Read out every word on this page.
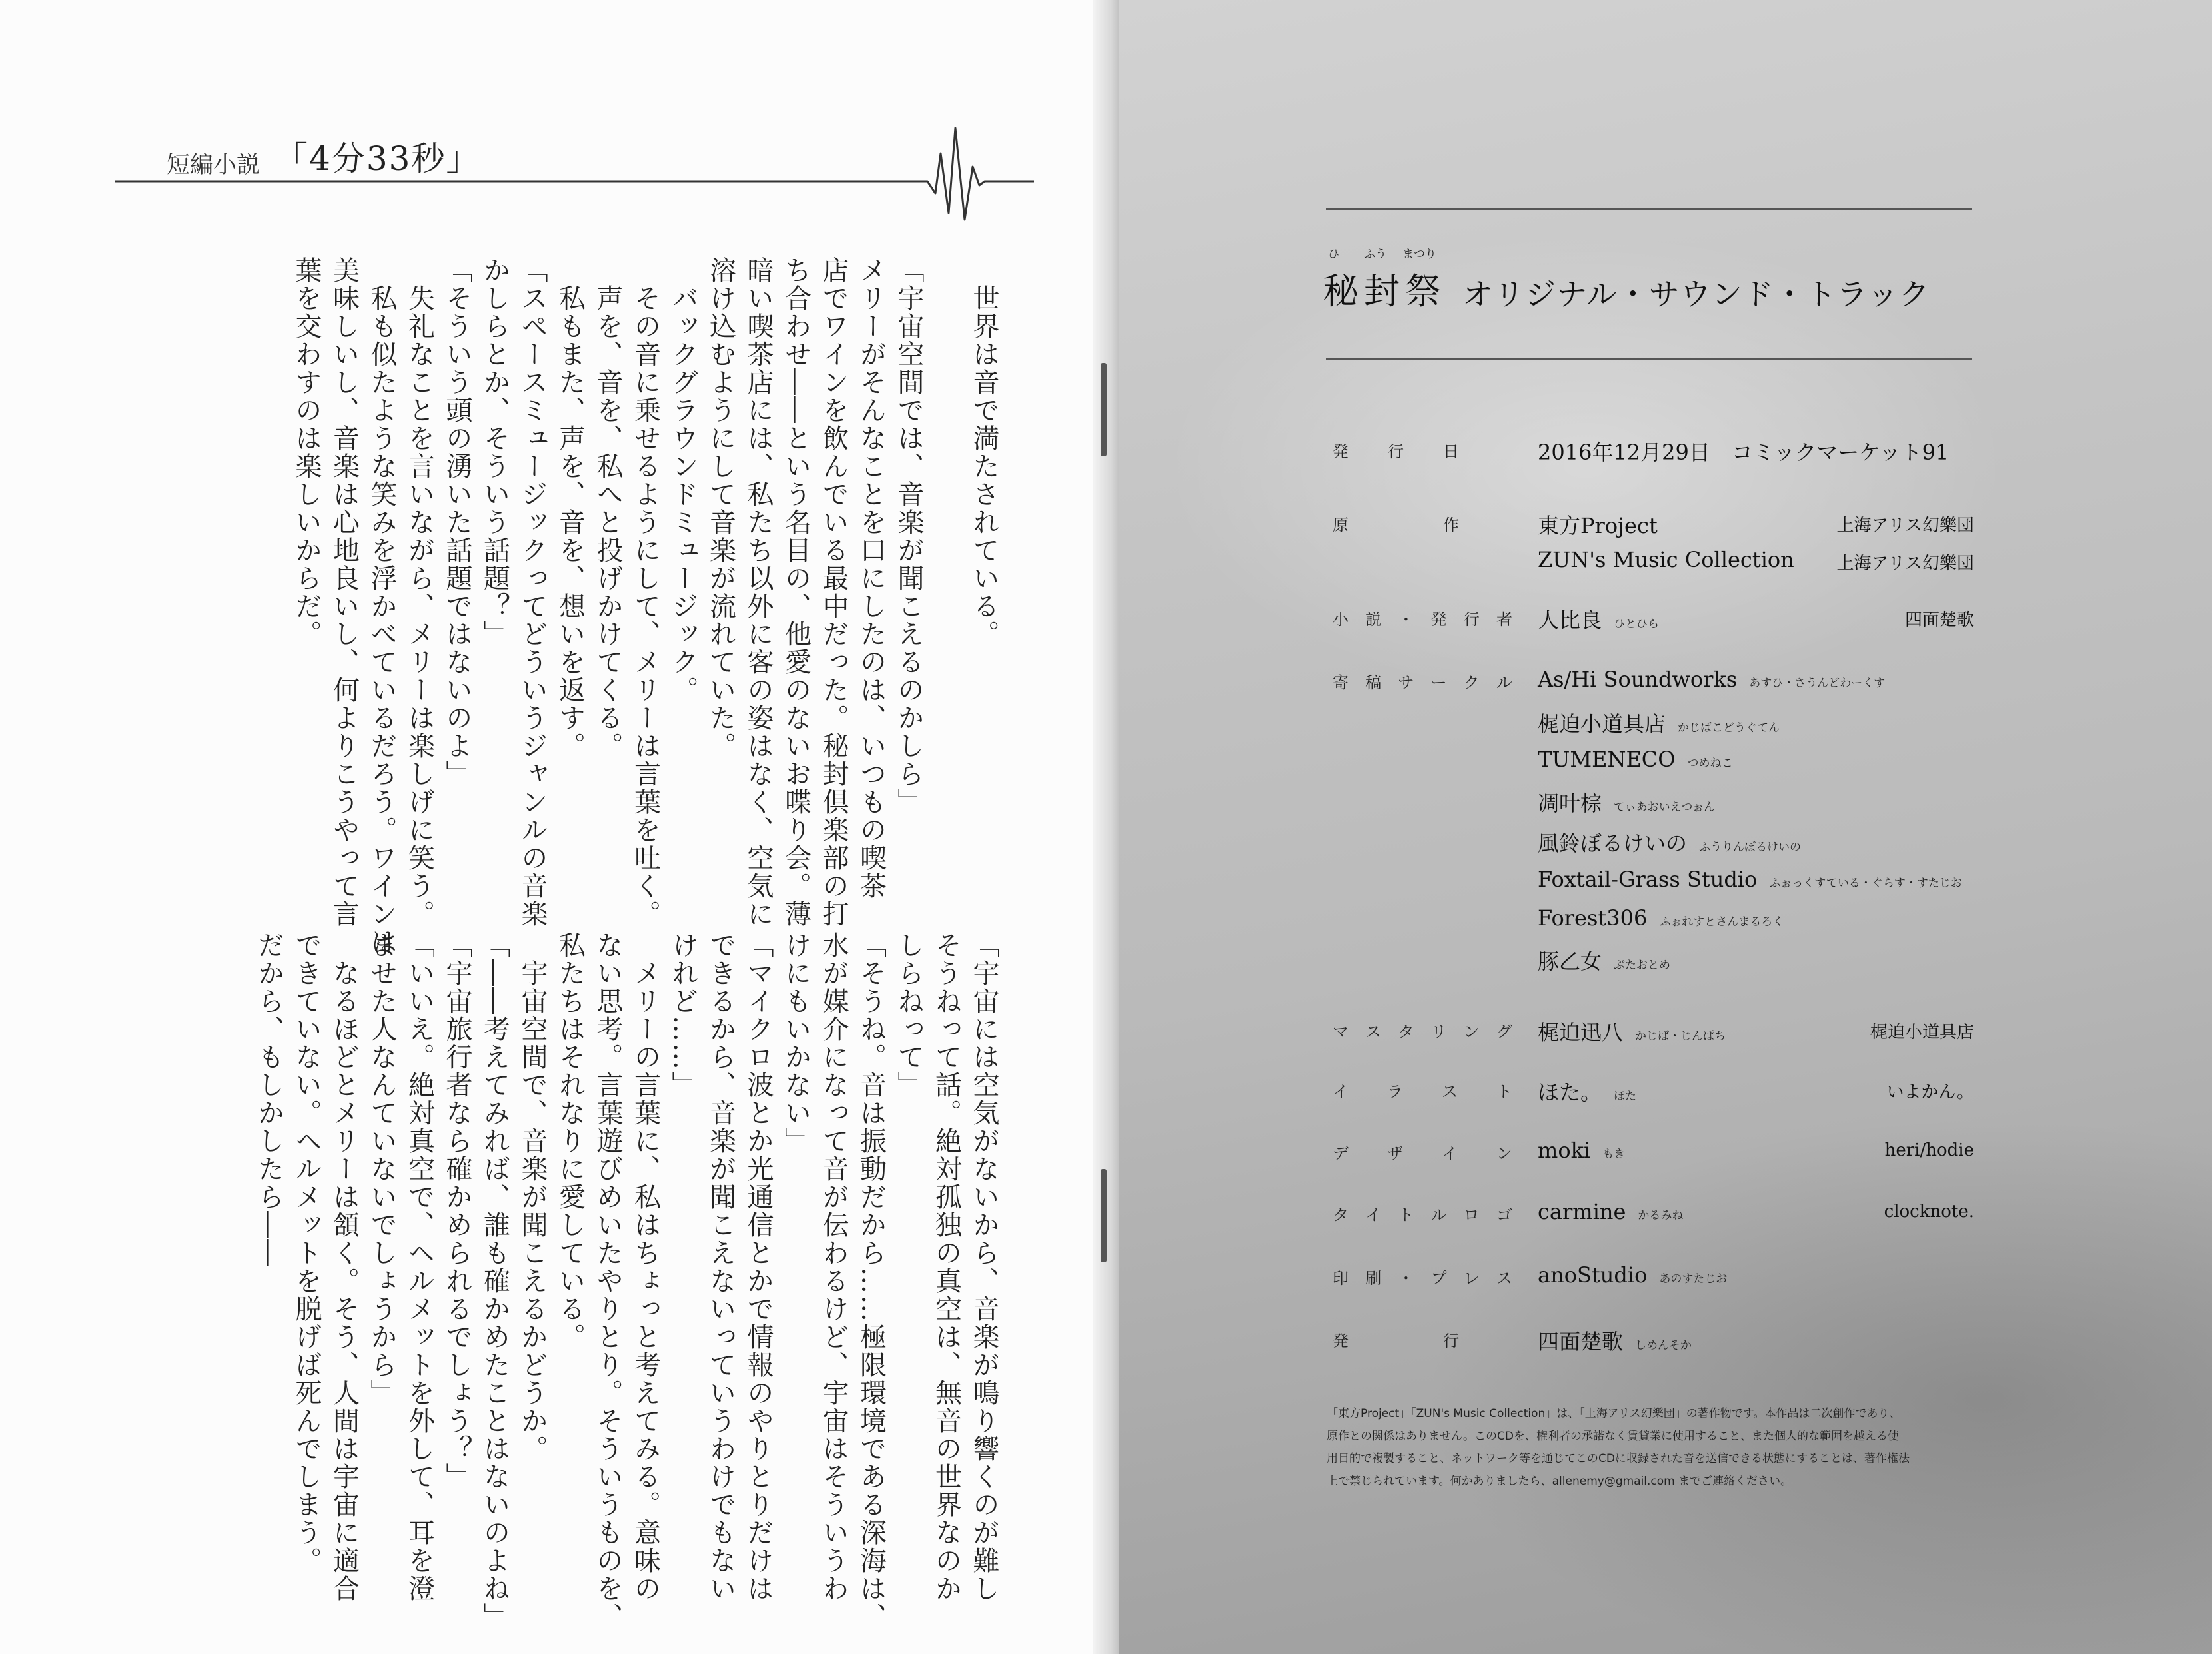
短編小説 「4分33秒」
世界は音で満たされている。
「宇宙空間では、音楽が聞こえるのかしら」
メリーがそんなことを口にしたのは、いつもの喫茶
店でワインを飲んでいる最中だった。秘封倶楽部の打
ち合わせ――という名目の、他愛のないお喋り会。薄
暗い喫茶店には、私たち以外に客の姿はなく、空気に
溶け込むようにして音楽が流れていた。
バックグラウンドミュージック。
その音に乗せるようにして、メリーは言葉を吐く。
声を、音を、私へと投げかけてくる。
私もまた、声を、音を、想いを返す。
「スペースミュージックってどういうジャンルの音楽
かしらとか、そういう話題？」
「そういう頭の湧いた話題ではないのよ」
失礼なことを言いながら、メリーは楽しげに笑う。
私も似たような笑みを浮かべているだろう。ワインは
美味しいし、音楽は心地良いし、何よりこうやって言
葉を交わすのは楽しいからだ。
「宇宙には空気がないから、音楽が鳴り響くのが難し
そうねって話。絶対孤独の真空は、無音の世界なのか
しらねって」
「そうね。音は振動だから……極限環境である深海は、
水が媒介になって音が伝わるけど、宇宙はそういうわ
けにもいかない」
「マイクロ波とか光通信とかで情報のやりとりだけは
できるから、音楽が聞こえないっていうわけでもない
けれど……」
メリーの言葉に、私はちょっと考えてみる。意味の
ない思考。言葉遊びめいたやりとり。そういうものを、
私たちはそれなりに愛している。
宇宙空間で、音楽が聞こえるかどうか。
「――考えてみれば、誰も確かめたことはないのよね」
「宇宙旅行者なら確かめられるでしょう？」
「いいえ。絶対真空で、ヘルメットを外して、耳を澄
ませた人なんていないでしょうから」
なるほどとメリーは頷く。そう、人間は宇宙に適合
できていない。ヘルメットを脱げば死んでしまう。
だから、もしかしたら――
ひ ふう まつり
秘封祭 オリジナル・サウンド・トラック
発 行 日	2016年12月29日　コミックマーケット91
原	作	東方Project	上海アリス幻樂団
ZUN's Music Collection 上海アリス幻樂団
小 説 ・ 発 行 者 人比良 ひとひら	四面楚歌
寄 稿 サ ー ク ル As/Hi Soundworks あすひ・さうんどわーくす
梶迫小道具店 かじばこどうぐてん
TUMENECO つめねこ
凋叶棕 てぃあおいえつぉん
風鈴ぼるけいの ふうりんぼるけいの
Foxtail-Grass Studio ふぉっくすている・ぐらす・すたじお
Forest306 ふぉれすとさんまるろく
豚乙女 ぶたおとめ
マ ス タ リ ン グ 梶迫迅八 かじば・じんぱち	梶迫小道具店
イ ラ ス ト ほた。 ほた	いよかん。
デ ザ イ ン moki もき	heri/hodie
タ イ ト ル ロ ゴ carmine かるみね	clocknote.
印 刷 ・ プ レ ス anoStudio あのすたじお
発	行	四面楚歌 しめんそか
「東方Project」「ZUN's Music Collection」は、「上海アリス幻樂団」の著作物です。本作品は二次創作であり、
原作との関係はありません。このCDを、権利者の承諾なく賃貸業に使用すること、また個人的な範囲を越える使
用目的で複製すること、ネットワーク等を通じてこのCDに収録された音を送信できる状態にすることは、著作権法
上で禁じられています。何かありましたら、allenemy@gmail.com までご連絡ください。
